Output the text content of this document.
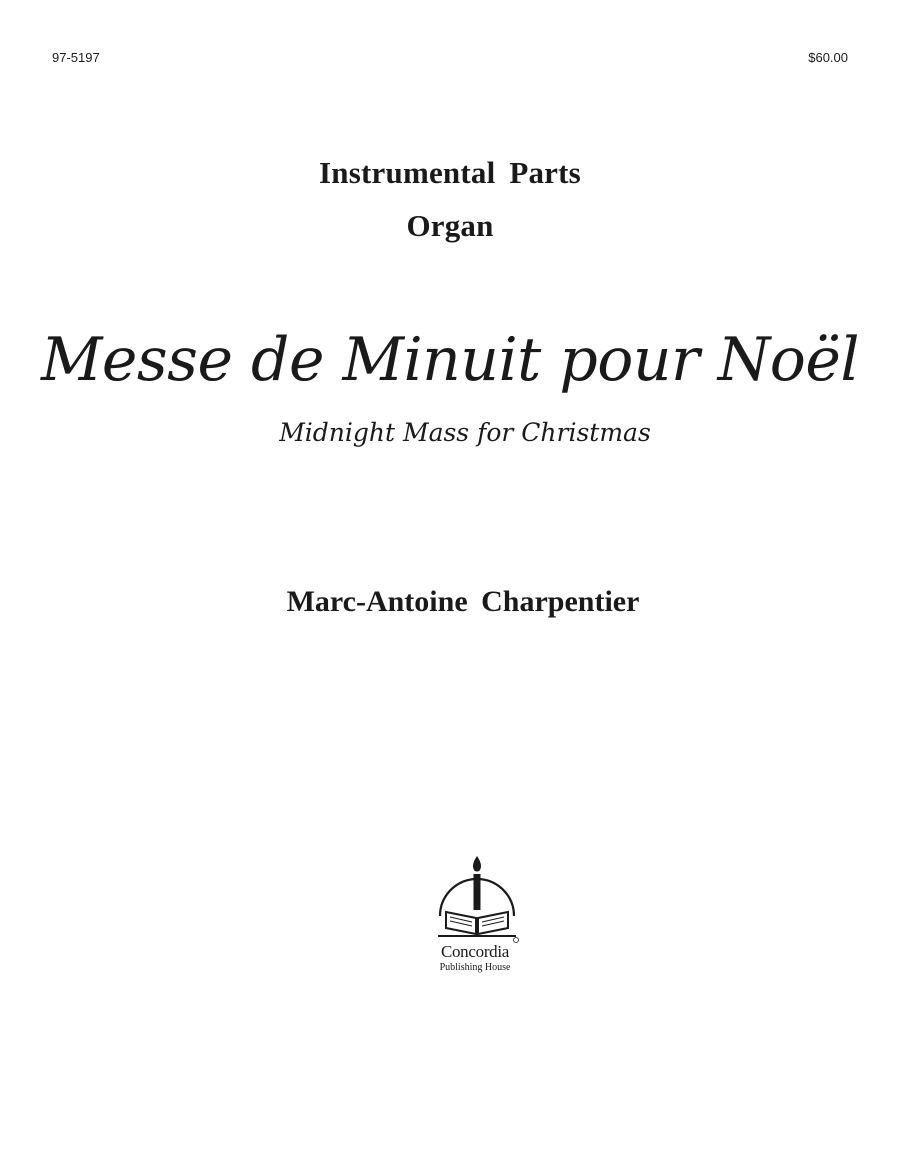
97-5197	$60.00
Instrumental Parts
Organ
Messe de Minuit pour Noël
Midnight Mass for Christmas
Marc-Antoine Charpentier
Concordia
Publishing House
